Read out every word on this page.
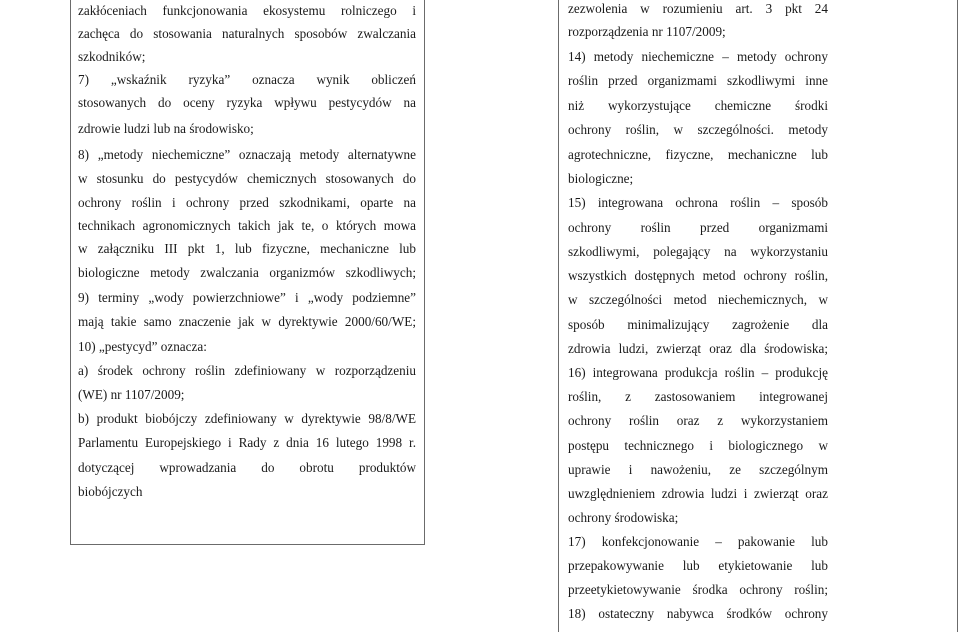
zakłóceniach funkcjonowania ekosystemu rolniczego i
zachęca do stosowania naturalnych sposobów zwalczania
szkodników;
7) „wskaźnik ryzyka” oznacza wynik obliczeń
stosowanych do oceny ryzyka wpływu pestycydów na
zdrowie ludzi lub na środowisko;
8) „metody niechemiczne” oznaczają metody alternatywne
w stosunku do pestycydów chemicznych stosowanych do
ochrony roślin i ochrony przed szkodnikami, oparte na
technikach agronomicznych takich jak te, o których mowa
w załączniku III pkt 1, lub fizyczne, mechaniczne lub
biologiczne metody zwalczania organizmów szkodliwych;
9) terminy „wody powierzchniowe” i „wody podziemne”
mają takie samo znaczenie jak w dyrektywie 2000/60/WE;
10) „pestycyd” oznacza:
a) środek ochrony roślin zdefiniowany w rozporządzeniu
(WE) nr 1107/2009;
b) produkt biobójczy zdefiniowany w dyrektywie 98/8/WE
Parlamentu Europejskiego i Rady z dnia 16 lutego 1998 r.
dotyczącej wprowadzania do obrotu produktów
biobójczych
zezwolenia w rozumieniu art. 3 pkt 24
rozporządzenia nr 1107/2009;
14) metody niechemiczne – metody ochrony
roślin przed organizmami szkodliwymi inne
niż wykorzystujące chemiczne środki
ochrony roślin, w szczególności. metody
agrotechniczne, fizyczne, mechaniczne lub
biologiczne;
15) integrowana ochrona roślin – sposób
ochrony roślin przed organizmami
szkodliwymi, polegający na wykorzystaniu
wszystkich dostępnych metod ochrony roślin,
w szczególności metod niechemicznych, w
sposób minimalizujący zagrożenie dla
zdrowia ludzi, zwierząt oraz dla środowiska;
16) integrowana produkcja roślin – produkcję
roślin, z zastosowaniem integrowanej
ochrony roślin oraz z wykorzystaniem
postępu technicznego i biologicznego w
uprawie i nawożeniu, ze szczególnym
uwzględnieniem zdrowia ludzi i zwierząt oraz
ochrony środowiska;
17) konfekcjonowanie – pakowanie lub
przepakowywanie lub etykietowanie lub
przeetykietowywanie środka ochrony roślin;
18) ostateczny nabywca środków ochrony
